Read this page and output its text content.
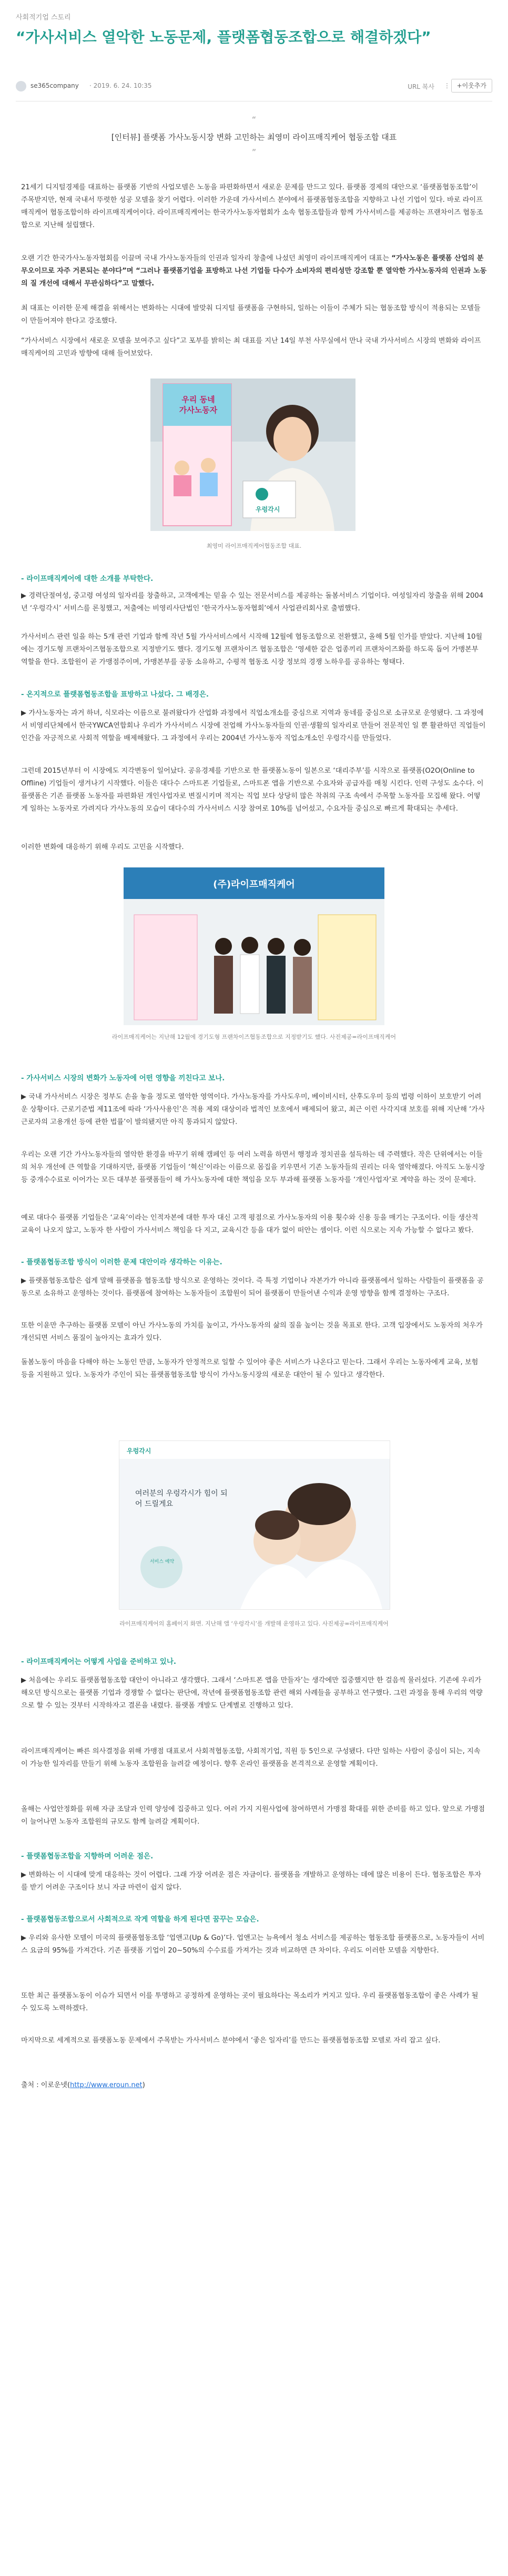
사회적기업 스토리
“가사서비스 열악한 노동문제, 플랫폼협동조합으로 해결하겠다”
se365company · 2019. 6. 24. 10:35	URL 복사 ⋮	+이웃추가
“
[인터뷰] 플랫폼 가사노동시장 변화 고민하는 최영미 라이프매직케어 협동조합 대표
”
21세기 디지털경제를 대표하는 플랫폼 기반의 사업모델은 노동을 파편화하면서 새로운 문제를 만드고 있다. 플랫폼 경제의 대안으로 ‘플랫폼협동조합’이 주목받지만, 현재 국내서 뚜렷한 성공 모델을 찾기 어렵다. 이러한 가운데 가사서비스 분야에서 플랫폼협동조합을 지향하고 나선 기업이 있다. 바로 라이프매직케어 협동조합이하 라이프매직케어이다. 라이프매직케어는 한국가사노동자협회가 소속 협동조합들과 함께 가사서비스를 제공하는 프랜차이즈 협동조합으로 지난해 설립했다.
오랜 기간 한국가사노동자협회를 이끌며 국내 가사노동자들의 인권과 일자리 창출에 나섰던 최영미 라이프매직케어 대표는 “가사노동은 플랫폼 산업의 분무오이므로 자주 거론되는 분야다”며 “그러나 플랫폼기업을 표방하고 나선 기업들 다수가 소비자의 편리성만 강조할 뿐 열악한 가사노동자의 인권과 노동의 질 개선에 대해서 무관심하다”고 말했다.
최 대표는 이러한 문제 해결을 위해서는 변화하는 시대에 발맞춰 디지털 플랫폼을 구현하되, 일하는 이들이 주체가 되는 협동조합 방식이 적용되는 모델들이 만들어져야 한다고 강조했다.
“가사서비스 시장에서 새로운 모델을 보여주고 싶다”고 포부를 밝히는 최 대표를 지난 14일 부천 사무실에서 만나 국내 가사서비스 시장의 변화와 라이프매직케어의 고민과 방향에 대해 들어보았다.
우리 동네
가사노동자
우렁각시
최영미 라이프매직케어협동조합 대표.
- 라이프매직케어에 대한 소개를 부탁한다.
▶ 경력단절여성, 중고령 여성의 일자리를 창출하고, 고객에게는 믿을 수 있는 전문서비스를 제공하는 돌봄서비스 기업이다. 여성일자리 창출을 위해 2004년 ‘우렁각시’ 서비스를 론칭했고, 저출에는 비영리사단법인 ‘한국가사노동자협회’에서 사업관리회사로 출범했다.
가사서비스 관련 일을 하는 5개 관련 기업과 함께 작년 5월 가사서비스에서 시작해 12월에 협동조합으로 전환했고, 올해 5월 인가를 받았다. 지난해 10월에는 경기도형 프랜차이즈협동조합으로 지정받기도 했다. 경기도형 프랜차이즈 협동조합은 ‘영세한 같은 업종끼리 프랜차이즈화를 하도록 돕어 가맹본부 역할을 한다. 조합원이 곧 가맹점주이며, 가맹본부를 공동 소유하고, 수평적 협동조 시장 정보의 경쟁 노하우를 공유하는 형태다.
- 온지적으로 플랫폼협동조합을 표방하고 나섰다. 그 배경은.
▶ 가사노동자는 과거 하녀, 식모라는 이름으로 불려왔다가 산업화 과정에서 직업소개소를 중심으로 지역과 동네를 중심으로 소규모로 운영됐다. 그 과정에서 비영리단체에서 한국YWCA연합회나 우리가 가사서비스 시장에 전업해 가사노동자들의 인권·생활의 일자리로 만들어 전문적인 일 뿐 활관하던 직업들이 인간을 자긍적으로 사회적 역할을 배제해왔다. 그 과정에서 우리는 2004년 가사노동자 직업소개소인 우렁각시를 만들었다.
그런데 2015년부터 이 시장에도 지각변동이 일어났다. 공유경제를 기반으로 한 플랫폼노동이 일본으로 ‘대리주부’를 시작으로 플랫폼(O2O(Online to Offline) 기업들이 생겨나기 시작했다. 이들은 대다수 스마트폰 기업들로, 스마트폰 앱을 기반으로 수요자와 공급자를 매칭 시킨다. 인력 구성도 소수다. 이 플랫폼은 기존 플랫폼 노동자를 파편화된 개인사업자로 변질시키며 적지는 직업 보다 상당히 많은 착취의 구조 속에서 주목할 노동자를 모집해 왔다. 어떻게 일하는 노동자로 가려지다 가사노동의 모습이 대다수의 가사서비스 시장 참여로 10%를 넘어섰고, 수요자들 중심으로 빠르게 확대되는 추세다.
이러한 변화에 대응하기 위해 우리도 고민을 시작했다.
(주)라이프매직케어
라이프매직케어는 지난해 12월에 경기도형 프랜차이즈협동조합으로 지정받기도 했다. 사진제공=라이프매직케어
- 가사서비스 시장의 변화가 노동자에 어떤 영향을 끼친다고 보나.
▶ 국내 가사서비스 시장은 정부도 손을 놓을 정도로 열악한 영역이다. 가사노동자를 가사도우미, 베이비시터, 산후도우미 등의 법령 이하이 보호받기 어려운 상황이다. 근로기준법 제11조에 따라 ‘가사사용인’은 적용 제외 대상이라 법적인 보호에서 배제되어 왔고, 최근 이런 사각지대 보호를 위해 지난해 ‘가사근로자의 고용개선 등에 관한 법률’이 발의됐지만 아직 통과되지 않았다.
우리는 오랜 기간 가사노동자들의 열악한 환경을 바꾸기 위해 캠페인 등 여러 노력을 하면서 행정과 정치권을 설득하는 데 주력했다. 작은 단위에서는 이들의 처우 개선에 큰 역할을 기대하지만, 플랫폼 기업들이 ‘혁신’이라는 이름으로 몸집을 키우면서 기존 노동자들의 권리는 더욱 열악해졌다. 아직도 노동시장 등 중개수수료로 이어가는 모든 대부분 플랫폼들이 해 가사노동자에 대한 책임을 모두 부과해 플랫폼 노동자를 ‘개인사업자’로 계약을 하는 것이 문제다.
예로 대다수 플랫폼 기업들은 ‘교육’이라는 인적자본에 대한 투자 대신 고객 평점으로 가사노동자의 이용 횟수와 신용 등을 매기는 구조이다. 이들 생산적 교육이 나오지 않고, 노동자 한 사람이 가사서비스 책임을 다 지고, 교육시간 등을 대가 없이 떠안는 셈이다. 이런 식으로는 지속 가능할 수 없다고 봤다.
- 플랫폼협동조합 방식이 이러한 문제 대안이라 생각하는 이유는.
▶ 플랫폼협동조합은 쉽게 말해 플랫폼을 협동조합 방식으로 운영하는 것이다. 즉 특정 기업이나 자본가가 아니라 플랫폼에서 일하는 사람들이 플랫폼을 공동으로 소유하고 운영하는 것이다. 플랫폼에 참여하는 노동자들이 조합원이 되어 플랫폼이 만들어낸 수익과 운영 방향을 함께 결정하는 구조다.
또한 이윤만 추구하는 플랫폼 모델이 아닌 가사노동의 가치를 높이고, 가사노동자의 삶의 질을 높이는 것을 목표로 한다. 고객 입장에서도 노동자의 처우가 개선되면 서비스 품질이 높아지는 효과가 있다.
돌봄노동이 마음을 다해야 하는 노동인 만큼, 노동자가 안정적으로 일할 수 있어야 좋은 서비스가 나온다고 믿는다. 그래서 우리는 노동자에게 교육, 보험 등을 지원하고 있다. 노동자가 주인이 되는 플랫폼협동조합 방식이 가사노동시장의 새로운 대안이 될 수 있다고 생각한다.
우렁각시
여러분의 우렁각시가 힘이 되어 드릴게요
서비스 예약
라이프매직케어의 홈페이지 화면. 지난해 앱 ‘우렁각시’를 개발해 운영하고 있다. 사진제공=라이프매직케어
- 라이프매직케어는 어떻게 사업을 준비하고 있나.
▶ 처음에는 우리도 플랫폼협동조합 대안이 아니라고 생각했다. 그래서 ‘스마트폰 앱을 만들자’는 생각에만 집중했지만 한 걸음씩 물러섰다. 기존에 우리가 해오던 방식으로는 플랫폼 기업과 경쟁할 수 없다는 판단에, 작년에 플랫폼협동조합 관련 해외 사례들을 공부하고 연구했다. 그런 과정을 통해 우리의 역량으로 할 수 있는 것부터 시작하자고 결론을 내렸다. 플랫폼 개발도 단계별로 진행하고 있다.
라이프매직케어는 빠른 의사결정을 위해 가맹점 대표로서 사회적협동조합, 사회적기업, 직원 등 5인으로 구성됐다. 다만 일하는 사람이 중심이 되는, 지속이 가능한 일자리를 만들기 위해 노동자 조합원을 늘려갈 예정이다. 향후 온라인 플랫폼을 본격적으로 운영할 계획이다.
올해는 사업안정화를 위해 자금 조달과 인력 양성에 집중하고 있다. 여러 가지 지원사업에 참여하면서 가맹점 확대를 위한 준비를 하고 있다. 앞으로 가맹점이 늘어나면 노동자 조합원의 규모도 함께 늘려갈 계획이다.
- 플랫폼협동조합을 지향하며 어려운 점은.
▶ 변화하는 이 시대에 맞게 대응하는 것이 어렵다. 그래 가장 어려운 점은 자금이다. 플랫폼을 개발하고 운영하는 데에 많은 비용이 든다. 협동조합은 투자를 받기 어려운 구조이다 보니 자금 마련이 쉽지 않다.
- 플랫폼협동조합으로서 사회적으로 작게 역할을 하게 된다면 꿈꾸는 모습은.
▶ 우리와 유사한 모델이 미국의 플랫폼협동조합 ‘업앤고(Up & Go)’다. 업앤고는 뉴욕에서 청소 서비스를 제공하는 협동조합 플랫폼으로, 노동자들이 서비스 요금의 95%를 가져간다. 기존 플랫폼 기업이 20~50%의 수수료를 가져가는 것과 비교하면 큰 차이다. 우리도 이러한 모델을 지향한다.
또한 최근 플랫폼노동이 이슈가 되면서 이를 투명하고 공정하게 운영하는 곳이 필요하다는 목소리가 커지고 있다. 우리 플랫폼협동조합이 좋은 사례가 될 수 있도록 노력하겠다.
마지막으로 세계적으로 플랫폼노동 문제에서 주목받는 가사서비스 분야에서 ‘좋은 일자리’를 만드는 플랫폼협동조합 모델로 자리 잡고 싶다.
출처 : 이로운넷(http://www.eroun.net)
